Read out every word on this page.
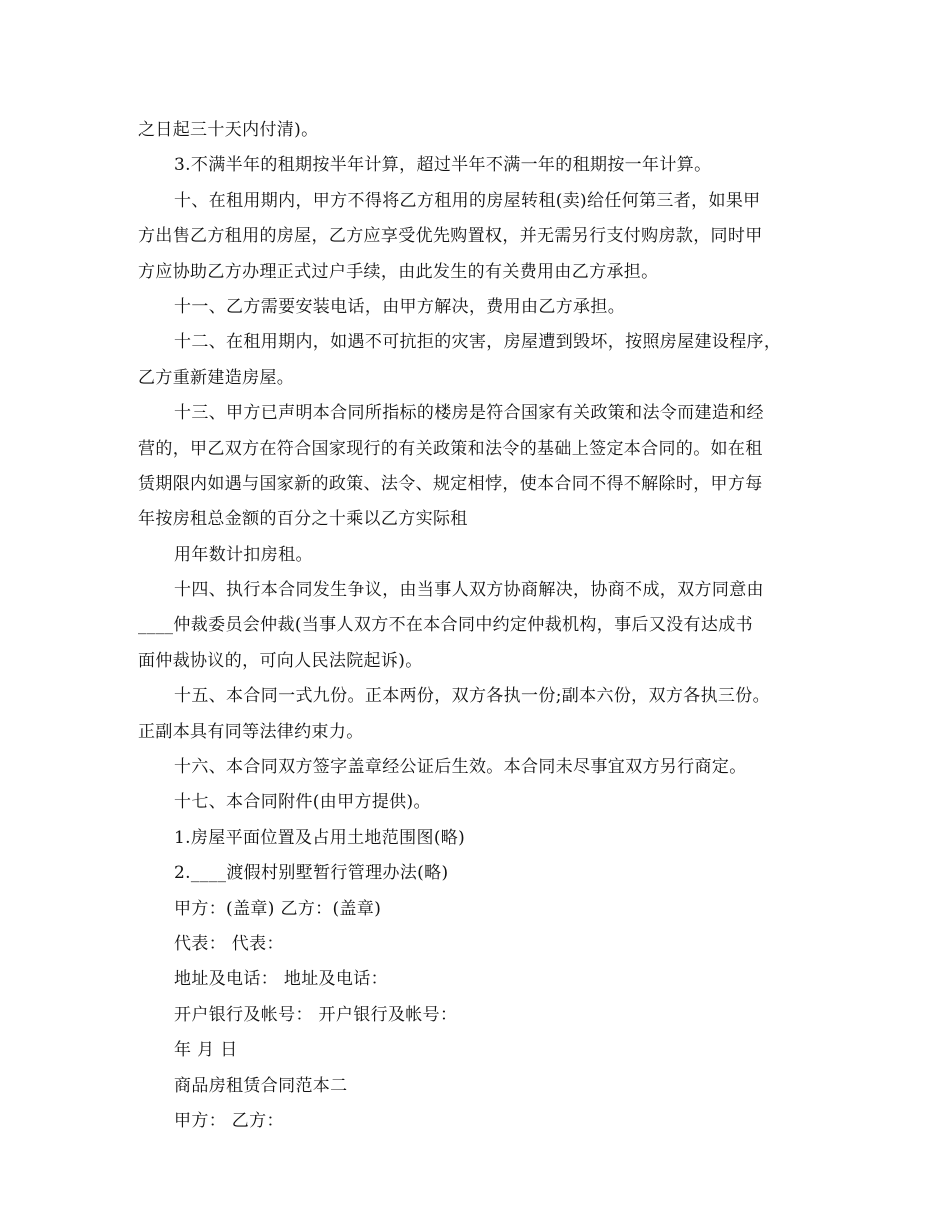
之日起三十天内付清)。
3.不满半年的租期按半年计算，超过半年不满一年的租期按一年计算。
十、在租用期内，甲方不得将乙方租用的房屋转租(卖)给任何第三者，如果甲
方出售乙方租用的房屋，乙方应享受优先购置权，并无需另行支付购房款，同时甲
方应协助乙方办理正式过户手续，由此发生的有关费用由乙方承担。
十一、乙方需要安装电话，由甲方解决，费用由乙方承担。
十二、在租用期内，如遇不可抗拒的灾害，房屋遭到毁坏，按照房屋建设程序，
乙方重新建造房屋。
十三、甲方已声明本合同所指标的楼房是符合国家有关政策和法令而建造和经
营的，甲乙双方在符合国家现行的有关政策和法令的基础上签定本合同的。如在租
赁期限内如遇与国家新的政策、法令、规定相悖，使本合同不得不解除时，甲方每
年按房租总金额的百分之十乘以乙方实际租
用年数计扣房租。
十四、执行本合同发生争议，由当事人双方协商解决，协商不成，双方同意由
____仲裁委员会仲裁(当事人双方不在本合同中约定仲裁机构，事后又没有达成书
面仲裁协议的，可向人民法院起诉)。
十五、本合同一式九份。正本两份，双方各执一份;副本六份，双方各执三份。
正副本具有同等法律约束力。
十六、本合同双方签字盖章经公证后生效。本合同未尽事宜双方另行商定。
十七、本合同附件(由甲方提供)。
1.房屋平面位置及占用土地范围图(略)
2.____渡假村别墅暂行管理办法(略)
甲方：(盖章) 乙方：(盖章)
代表： 代表：
地址及电话： 地址及电话：
开户银行及帐号： 开户银行及帐号：
年 月 日
商品房租赁合同范本二
甲方： 乙方：
